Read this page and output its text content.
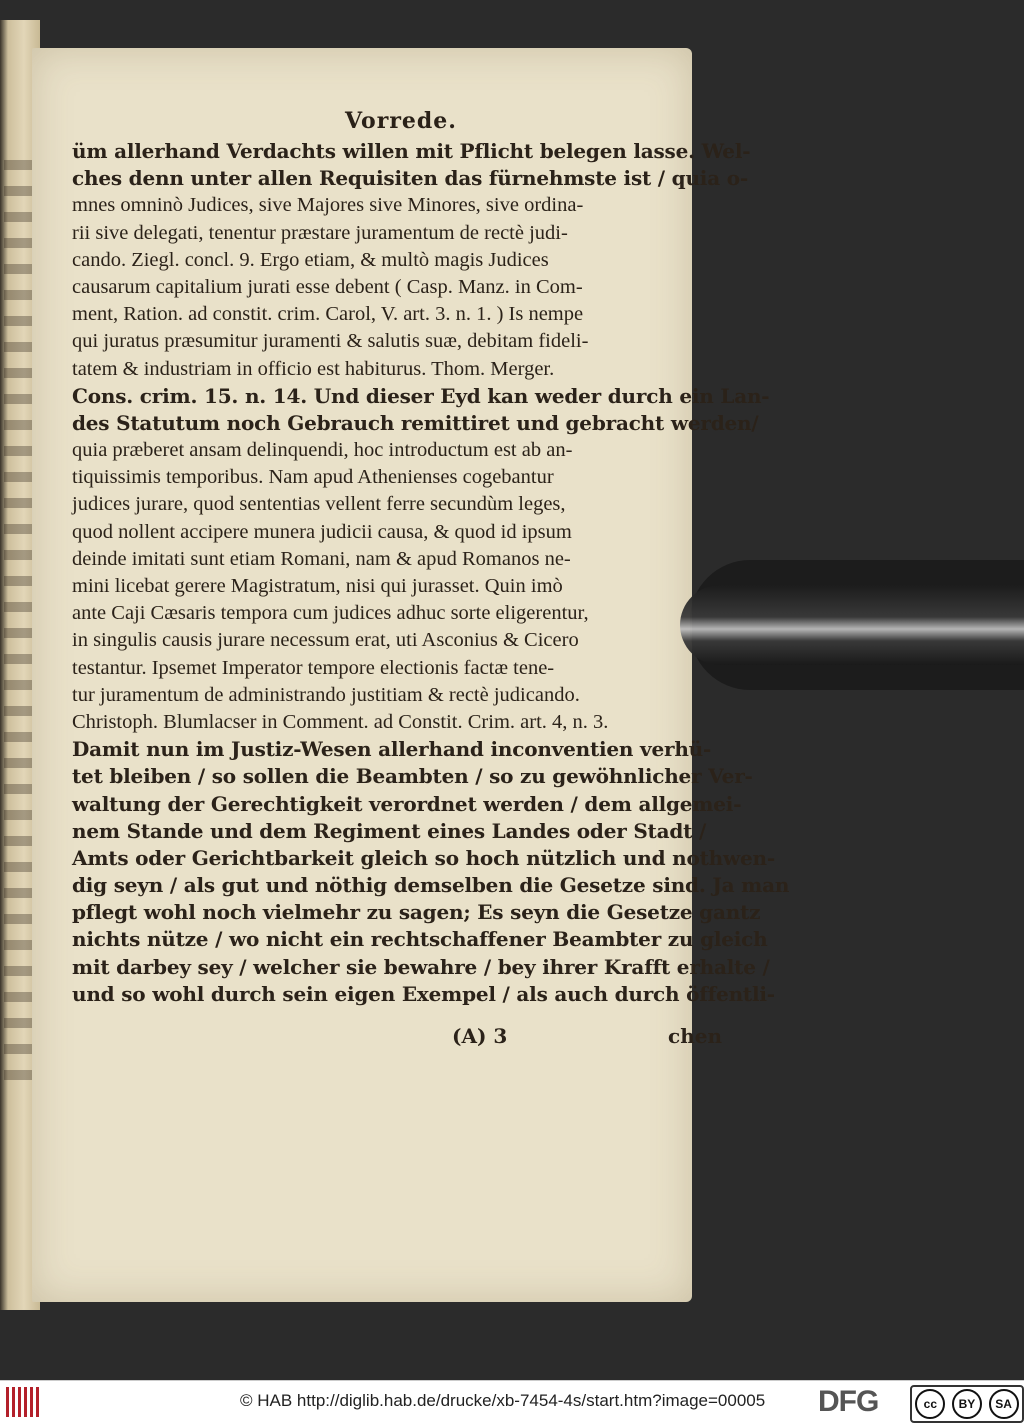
Vorrede.
üm allerhand Verdachts willen mit Pflicht belegen lasse. Wel-
ches denn unter allen Requisiten das fürnehmste ist / quia o-
mnes omninò Judices, sive Majores sive Minores, sive ordina-
rii sive delegati, tenentur præstare juramentum de rectè judi-
cando. Ziegl. concl. 9. Ergo etiam, & multò magis Judices
causarum capitalium jurati esse debent ( Casp. Manz. in Com-
ment, Ration. ad constit. crim. Carol, V. art. 3. n. 1. ) Is nempe
qui juratus præsumitur juramenti & salutis suæ, debitam fideli-
tatem & industriam in officio est habiturus. Thom. Merger.
Cons. crim. 15. n. 14. Und dieser Eyd kan weder durch ein Lan-
des Statutum noch Gebrauch remittiret und gebracht werden/
quia præberet ansam delinquendi, hoc introductum est ab an-
tiquissimis temporibus. Nam apud Athenienses cogebantur
judices jurare, quod sententias vellent ferre secundùm leges,
quod nollent accipere munera judicii causa, & quod id ipsum
deinde imitati sunt etiam Romani, nam & apud Romanos ne-
mini licebat gerere Magistratum, nisi qui jurasset. Quin imò
ante Caji Cæsaris tempora cum judices adhuc sorte eligerentur,
in singulis causis jurare necessum erat, uti Asconius & Cicero
testantur. Ipsemet Imperator tempore electionis factæ tene-
tur juramentum de administrando justitiam & rectè judicando.
Christoph. Blumlacser in Comment. ad Constit. Crim. art. 4, n. 3.
Damit nun im Justiz-Wesen allerhand inconventien verhü-
tet bleiben / so sollen die Beambten / so zu gewöhnlicher Ver-
waltung der Gerechtigkeit verordnet werden / dem allgemei-
nem Stande und dem Regiment eines Landes oder Stadt /
Amts oder Gerichtbarkeit gleich so hoch nützlich und nothwen-
dig seyn / als gut und nöthig demselben die Gesetze sind. Ja man
pflegt wohl noch vielmehr zu sagen; Es seyn die Gesetze gantz
nichts nütze / wo nicht ein rechtschaffener Beambter zu gleich
mit darbey sey / welcher sie bewahre / bey ihrer Krafft erhalte /
und so wohl durch sein eigen Exempel / als auch durch öffentli-
(A) 3	chen
© HAB http://diglib.hab.de/drucke/xb-7454-4s/start.htm?image=00005 DFG	cc	BY	SA
